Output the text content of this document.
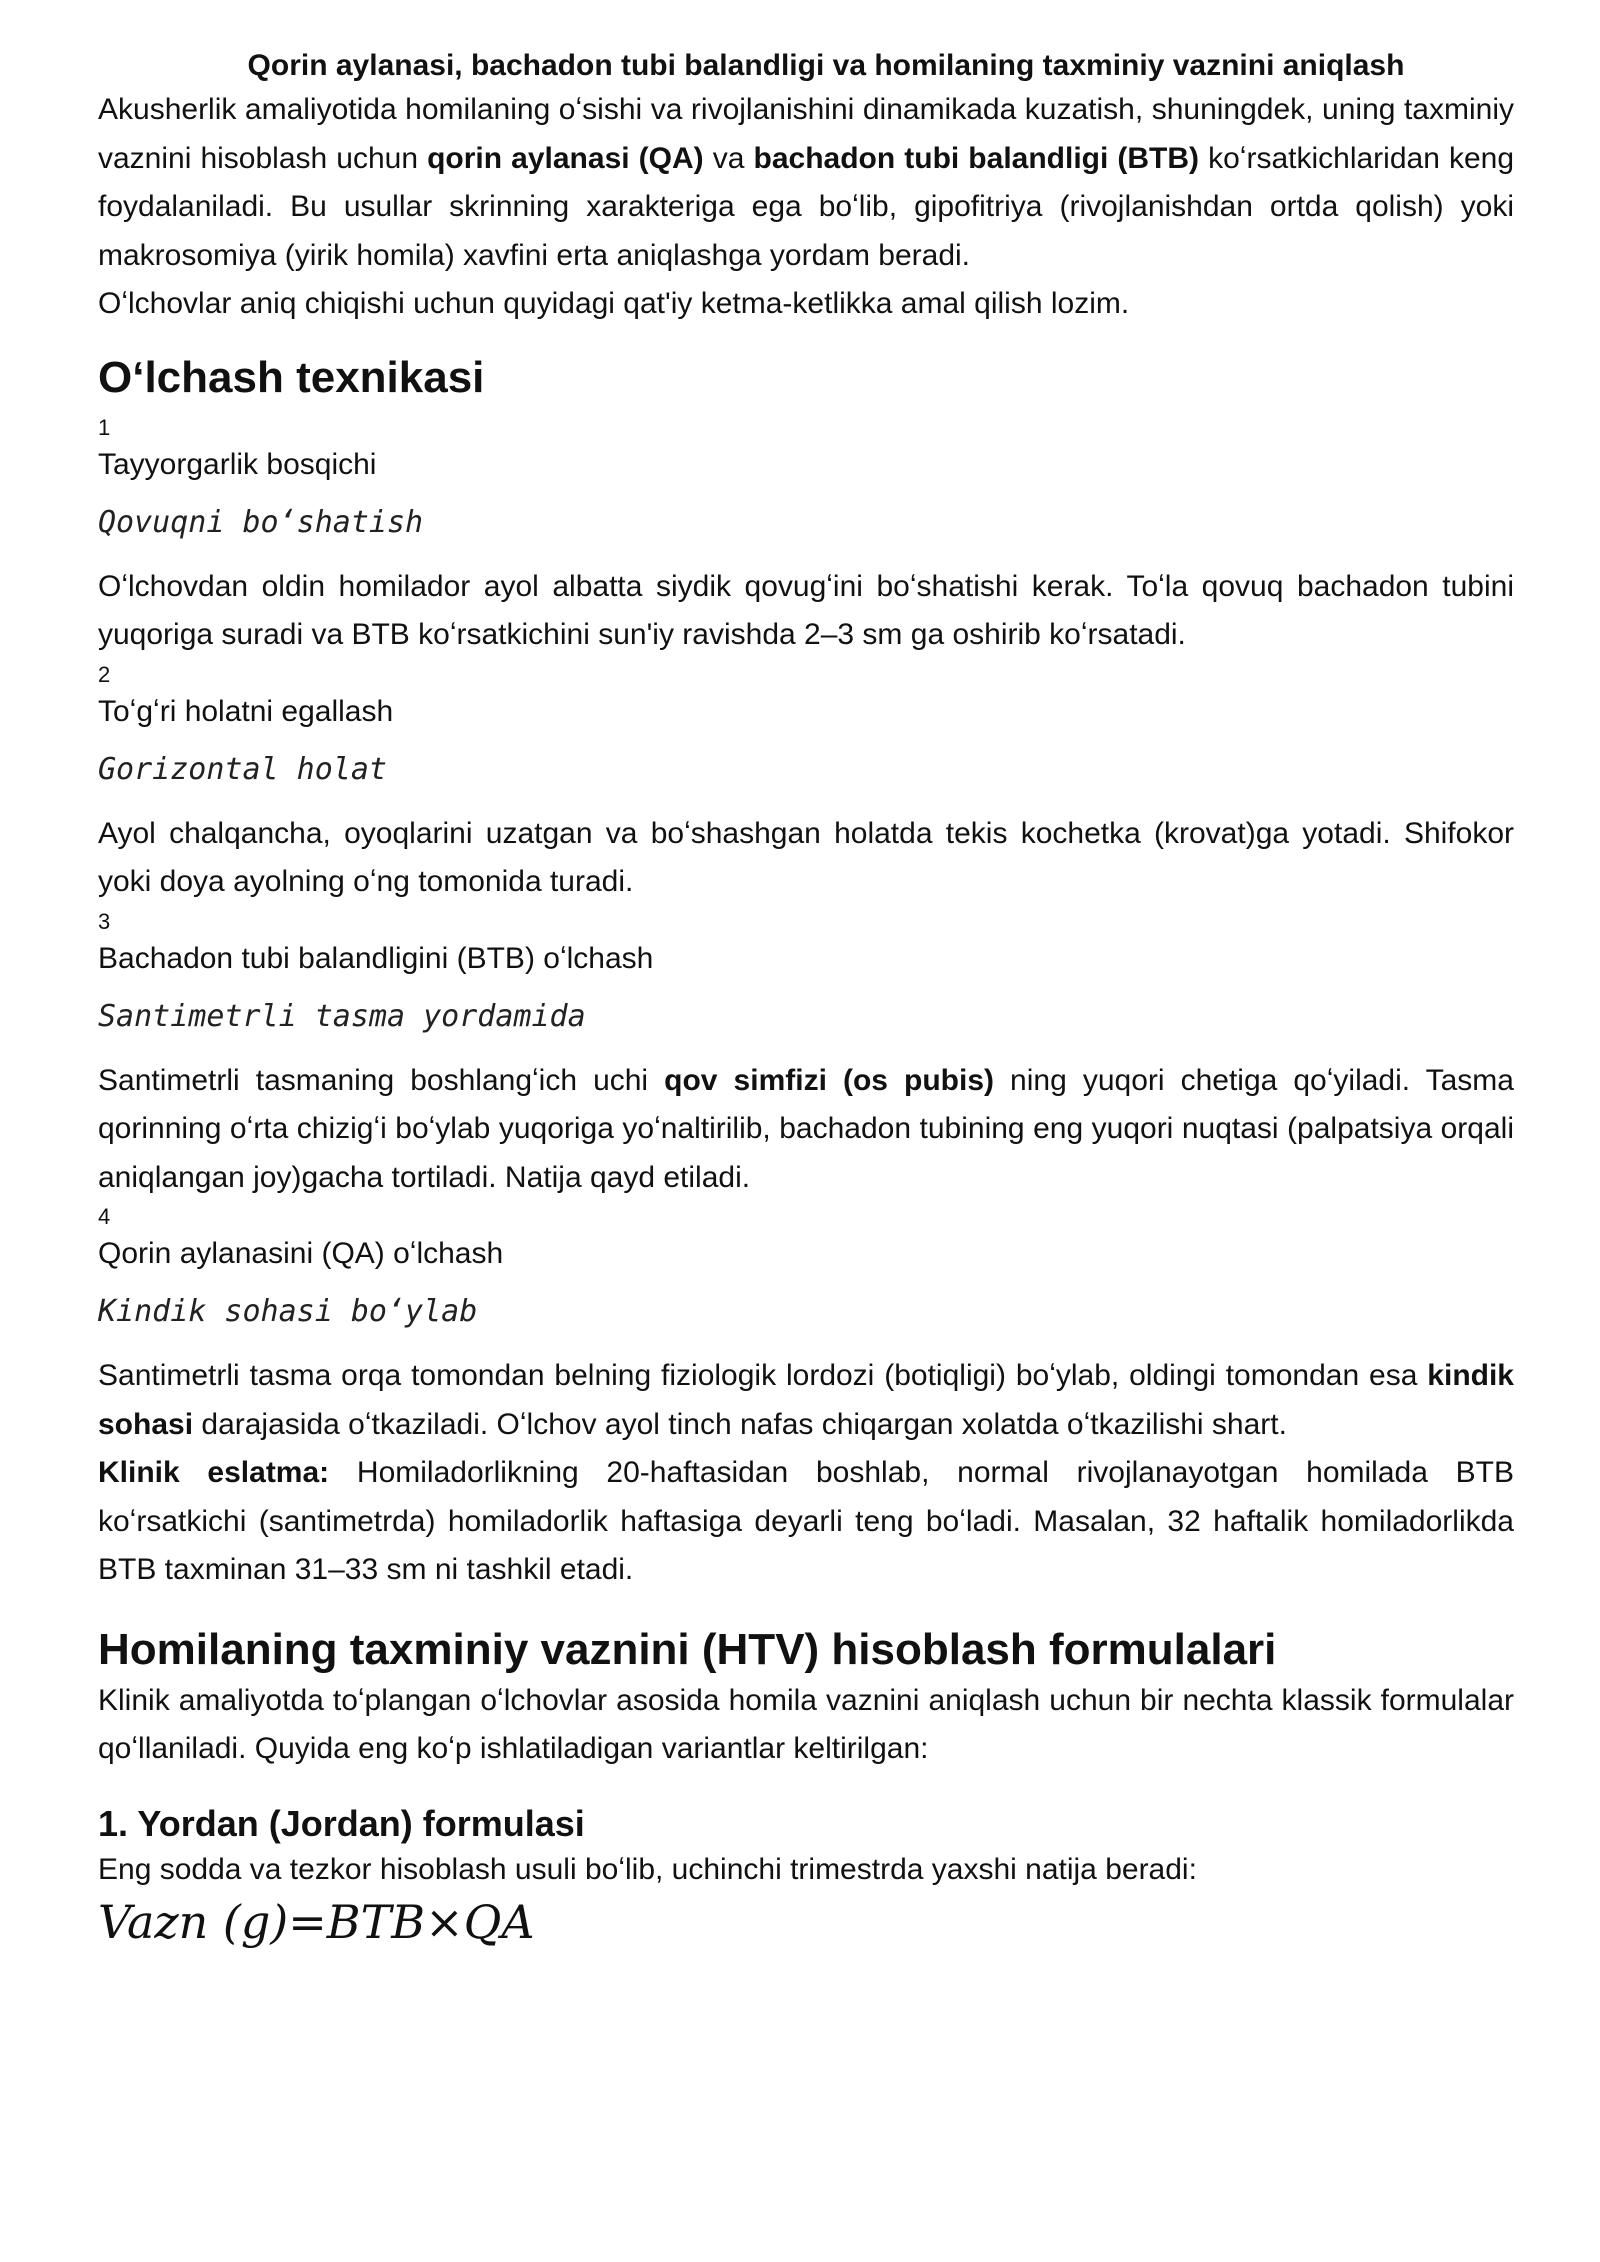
Qorin aylanasi, bachadon tubi balandligi va homilaning taxminiy vaznini aniqlash

Akusherlik amaliyotida homilaning oʻsishi va rivojlanishini dinamikada kuzatish, shuningdek, uning taxminiy vaznini hisoblash uchun qorin aylanasi (QA) va bachadon tubi balandligi (BTB) koʻrsatkichlaridan keng foydalaniladi. Bu usullar skrinning xarakteriga ega boʻlib, gipofitriya (rivojlanishdan ortda qolish) yoki makrosomiya (yirik homila) xavfini erta aniqlashga yordam beradi.

Oʻlchovlar aniq chiqishi uchun quyidagi qat'iy ketma-ketlikka amal qilish lozim.

Oʻlchash texnikasi

1

Tayyorgarlik bosqichi

Qovuqni boʻshatish

Oʻlchovdan oldin homilador ayol albatta siydik qovugʻini boʻshatishi kerak. Toʻla qovuq bachadon tubini yuqoriga suradi va BTB koʻrsatkichini sun'iy ravishda 2–3 sm ga oshirib koʻrsatadi.

2

Toʻgʻri holatni egallash

Gorizontal holat

Ayol chalqancha, oyoqlarini uzatgan va boʻshashgan holatda tekis kochetka (krovat)ga yotadi. Shifokor yoki doya ayolning oʻng tomonida turadi.

3

Bachadon tubi balandligini (BTB) oʻlchash

Santimetrli tasma yordamida

Santimetrli tasmaning boshlangʻich uchi qov simfizi (os pubis) ning yuqori chetiga qoʻyiladi. Tasma qorinning oʻrta chizigʻi boʻylab yuqoriga yoʻnaltirilib, bachadon tubining eng yuqori nuqtasi (palpatsiya orqali aniqlangan joy)gacha tortiladi. Natija qayd etiladi.

4

Qorin aylanasini (QA) oʻlchash

Kindik sohasi boʻylab

Santimetrli tasma orqa tomondan belning fiziologik lordozi (botiqligi) boʻylab, oldingi tomondan esa kindik sohasi darajasida oʻtkaziladi. Oʻlchov ayol tinch nafas chiqargan xolatda oʻtkazilishi shart.

Klinik eslatma: Homiladorlikning 20-haftasidan boshlab, normal rivojlanayotgan homilada BTB koʻrsatkichi (santimetrda) homiladorlik haftasiga deyarli teng boʻladi. Masalan, 32 haftalik homiladorlikda BTB taxminan 31–33 sm ni tashkil etadi.

Homilaning taxminiy vaznini (HTV) hisoblash formulalari

Klinik amaliyotda toʻplangan oʻlchovlar asosida homila vaznini aniqlash uchun bir nechta klassik formulalar qoʻllaniladi. Quyida eng koʻp ishlatiladigan variantlar keltirilgan:

1. Yordan (Jordan) formulasi

Eng sodda va tezkor hisoblash usuli boʻlib, uchinchi trimestrda yaxshi natija beradi:

Vazn (g)=BTB×QA
